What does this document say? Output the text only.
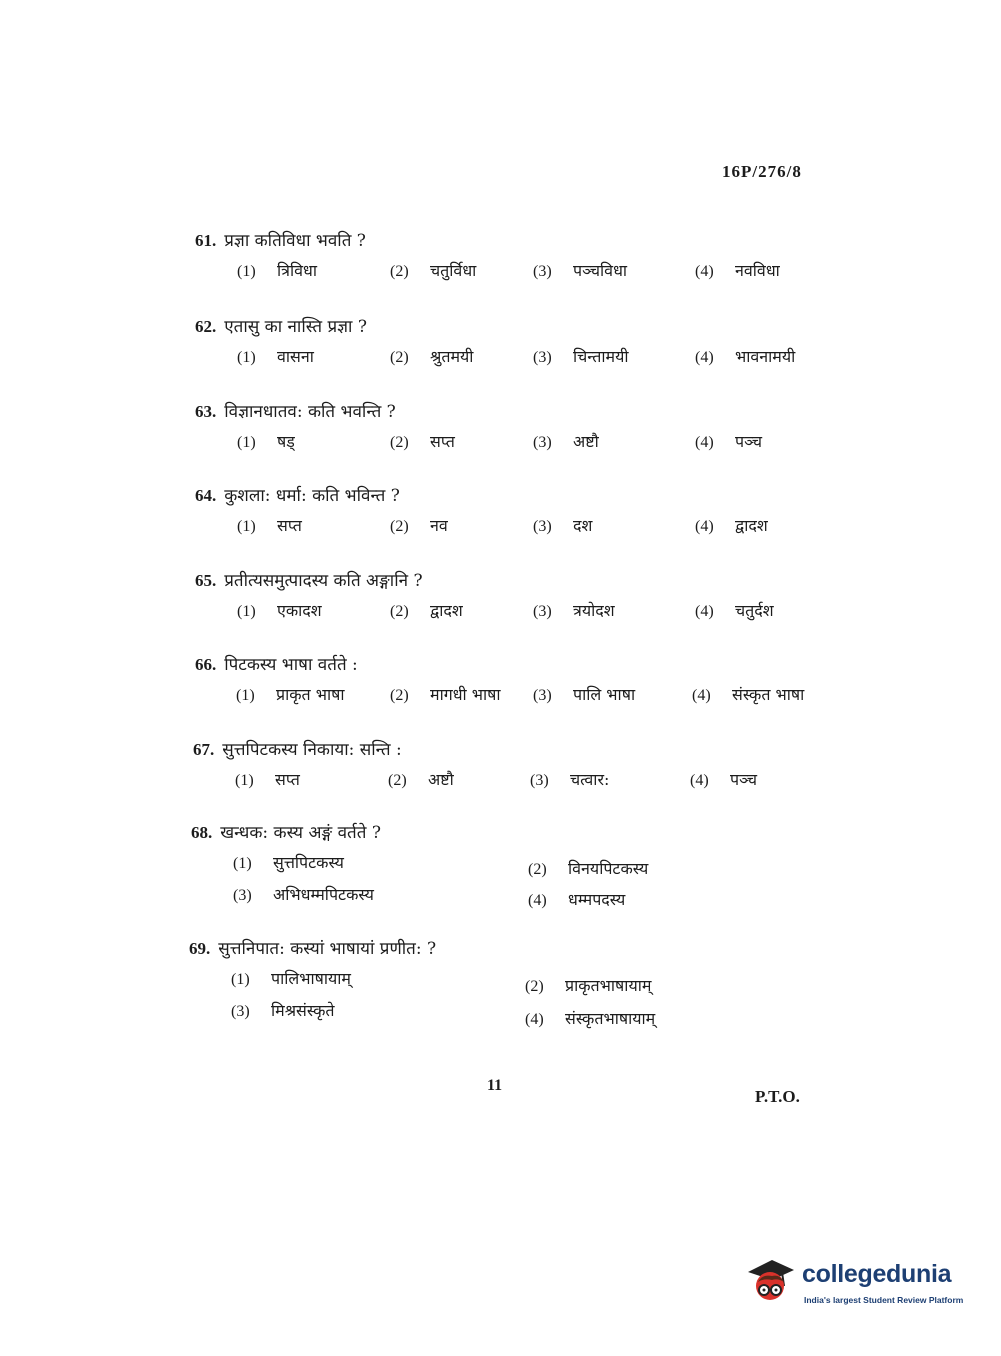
16P/276/8
61. प्रज्ञा कतिविधा भवति ?
(1) त्रिविधा	(2) चतुर्विधा	(3) पञ्चविधा	(4) नवविधा
62. एतासु का नास्ति प्रज्ञा ?
(1) वासना	(2) श्रुतमयी	(3) चिन्तामयी	(4) भावनामयी
63. विज्ञानधातव: कति भवन्ति ?
(1) षड्	(2) सप्त	(3) अष्टौ	(4) पञ्च
64. कुशला: धर्मा: कति भविन्त ?
(1) सप्त	(2) नव	(3) दश	(4) द्वादश
65. प्रतीत्यसमुत्पादस्य कति अङ्गानि ?
(1) एकादश	(2) द्वादश	(3) त्रयोदश	(4) चतुर्दश
66. पिटकस्य भाषा वर्तते :
(1) प्राकृत भाषा	(2) मागधी भाषा (3) पालि भाषा	(4) संस्कृत भाषा
67. सुत्तपिटकस्य निकाया: सन्ति :
(1) सप्त	(2) अष्टौ	(3) चत्वार:	(4) पञ्च
68. खन्धक: कस्य अङ्गं वर्तते ?
(1) सुत्तपिटकस्य	(2) विनयपिटकस्य
(3) अभिधम्मपिटकस्य	(4) धम्मपदस्य
69. सुत्तनिपात: कस्यां भाषायां प्रणीत: ?
(1) पालिभाषायाम्	(2) प्राकृतभाषायाम्
(3) मिश्रसंस्कृते	(4) संस्कृतभाषायाम्
11
P.T.O.
collegedunia
India's largest Student Review Platform
